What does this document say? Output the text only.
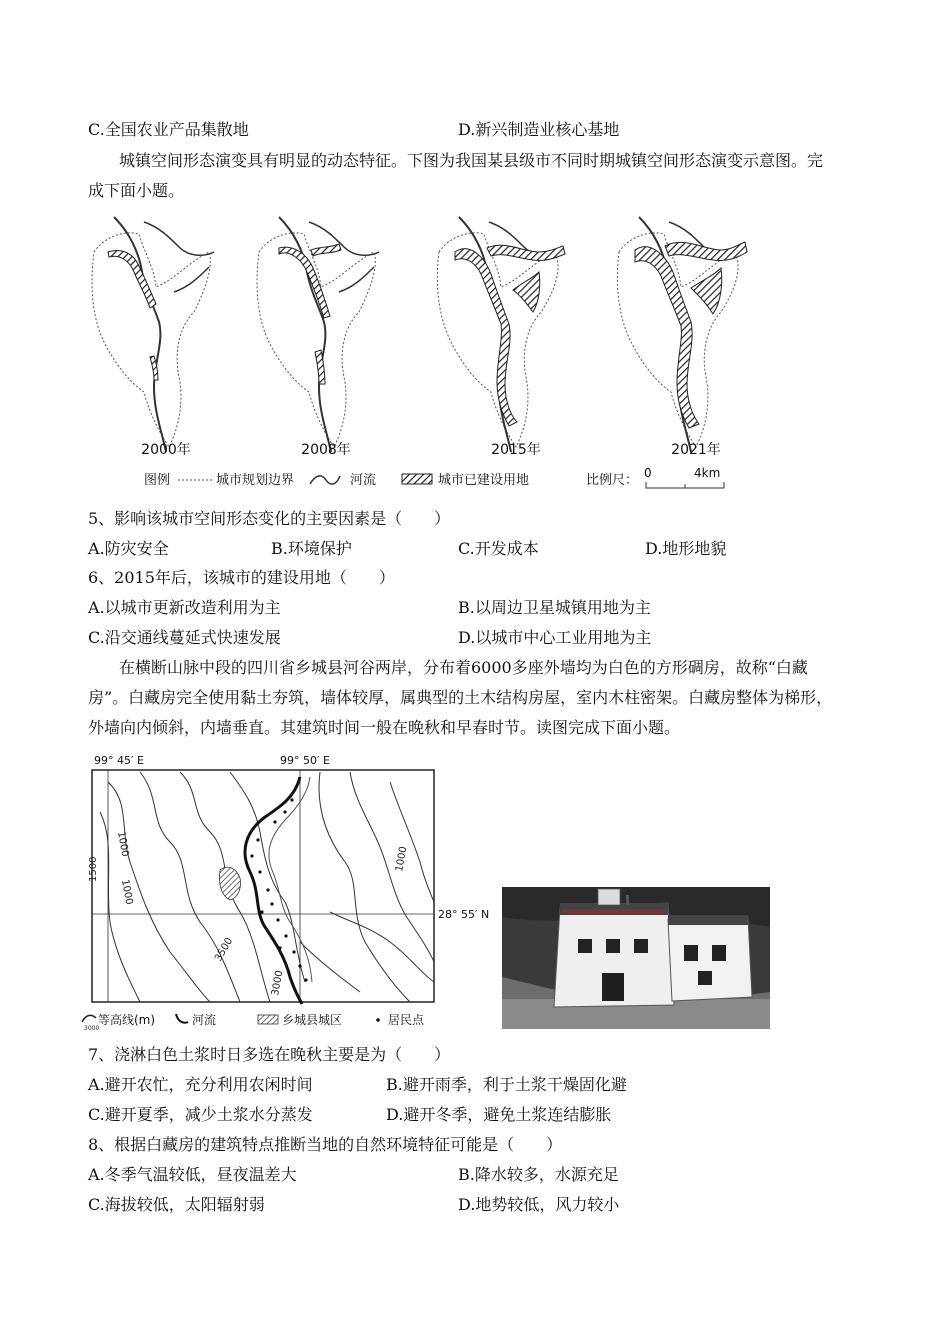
C.全国农业产品集散地	D.新兴制造业核心基地
城镇空间形态演变具有明显的动态特征。下图为我国某县级市不同时期城镇空间形态演变示意图。完
成下面小题。
2000年	2008年	2015年	2021年
图例	城市规划边界	河流	城市已建设用地	比例尺： 0	4km
5、影响该城市空间形态变化的主要因素是（　　）
A.防灾安全	B.环境保护	C.开发成本	D.地形地貌
6、2015年后，该城市的建设用地（　　）
A.以城市更新改造利用为主	B.以周边卫星城镇用地为主
C.沿交通线蔓延式快速发展	D.以城市中心工业用地为主
在横断山脉中段的四川省乡城县河谷两岸，分布着6000多座外墙均为白色的方形碉房，故称“白藏
房”。白藏房完全使用黏土夯筑，墙体较厚，属典型的土木结构房屋，室内木柱密架。白藏房整体为梯形，
外墙向内倾斜，内墙垂直。其建筑时间一般在晚秋和早春时节。读图完成下面小题。
99° 45′ E	99° 50′ E
1000
1500
1000
1000
3500
3000
28° 55′ N
3000
等高线(m)	河流	乡城县城区	居民点
7、浇淋白色土浆时日多选在晚秋主要是为（　　）
A.避开农忙，充分利用农闲时间	B.避开雨季，利于土浆干燥固化避
C.避开夏季，减少土浆水分蒸发	D.避开冬季，避免土浆连结膨胀
8、根据白藏房的建筑特点推断当地的自然环境特征可能是（　　）
A.冬季气温较低，昼夜温差大	B.降水较多，水源充足
C.海拔较低，太阳辐射弱	D.地势较低，风力较小
